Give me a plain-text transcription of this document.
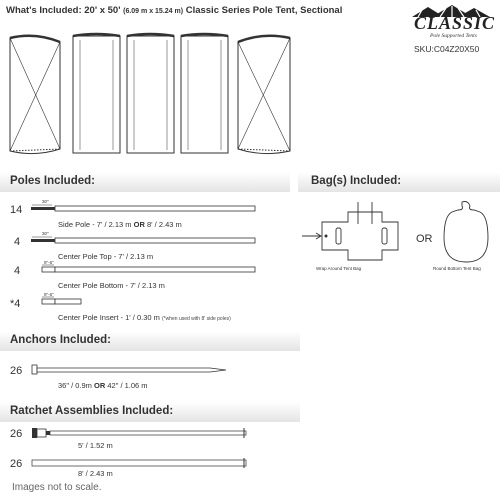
What's Included: 20' x 50' (6.09 m x 15.24 m) Classic Series Pole Tent, Sectional
CLASSIC
Pole Supported Tents
SKU:C04Z20X50
Poles Included:	Bag(s) Included:
Anchors Included:
Ratchet Assemblies Included:
14
30"
Side Pole - 7' / 2.13 m OR 8' / 2.43 m
4
30"
Center Pole Top - 7' / 2.13 m
4
9"-6"
Center Pole Bottom - 7' / 2.13 m
*4
9"-6"
Center Pole Insert - 1' / 0.30 m (*when used with 8' side poles)
Wrap Around Tent Bag
OR
Round Bottom Tent Bag
26
36" / 0.9m OR 42" / 1.06 m
26
5' / 1.52 m
26
8' / 2.43 m
Images not to scale.
